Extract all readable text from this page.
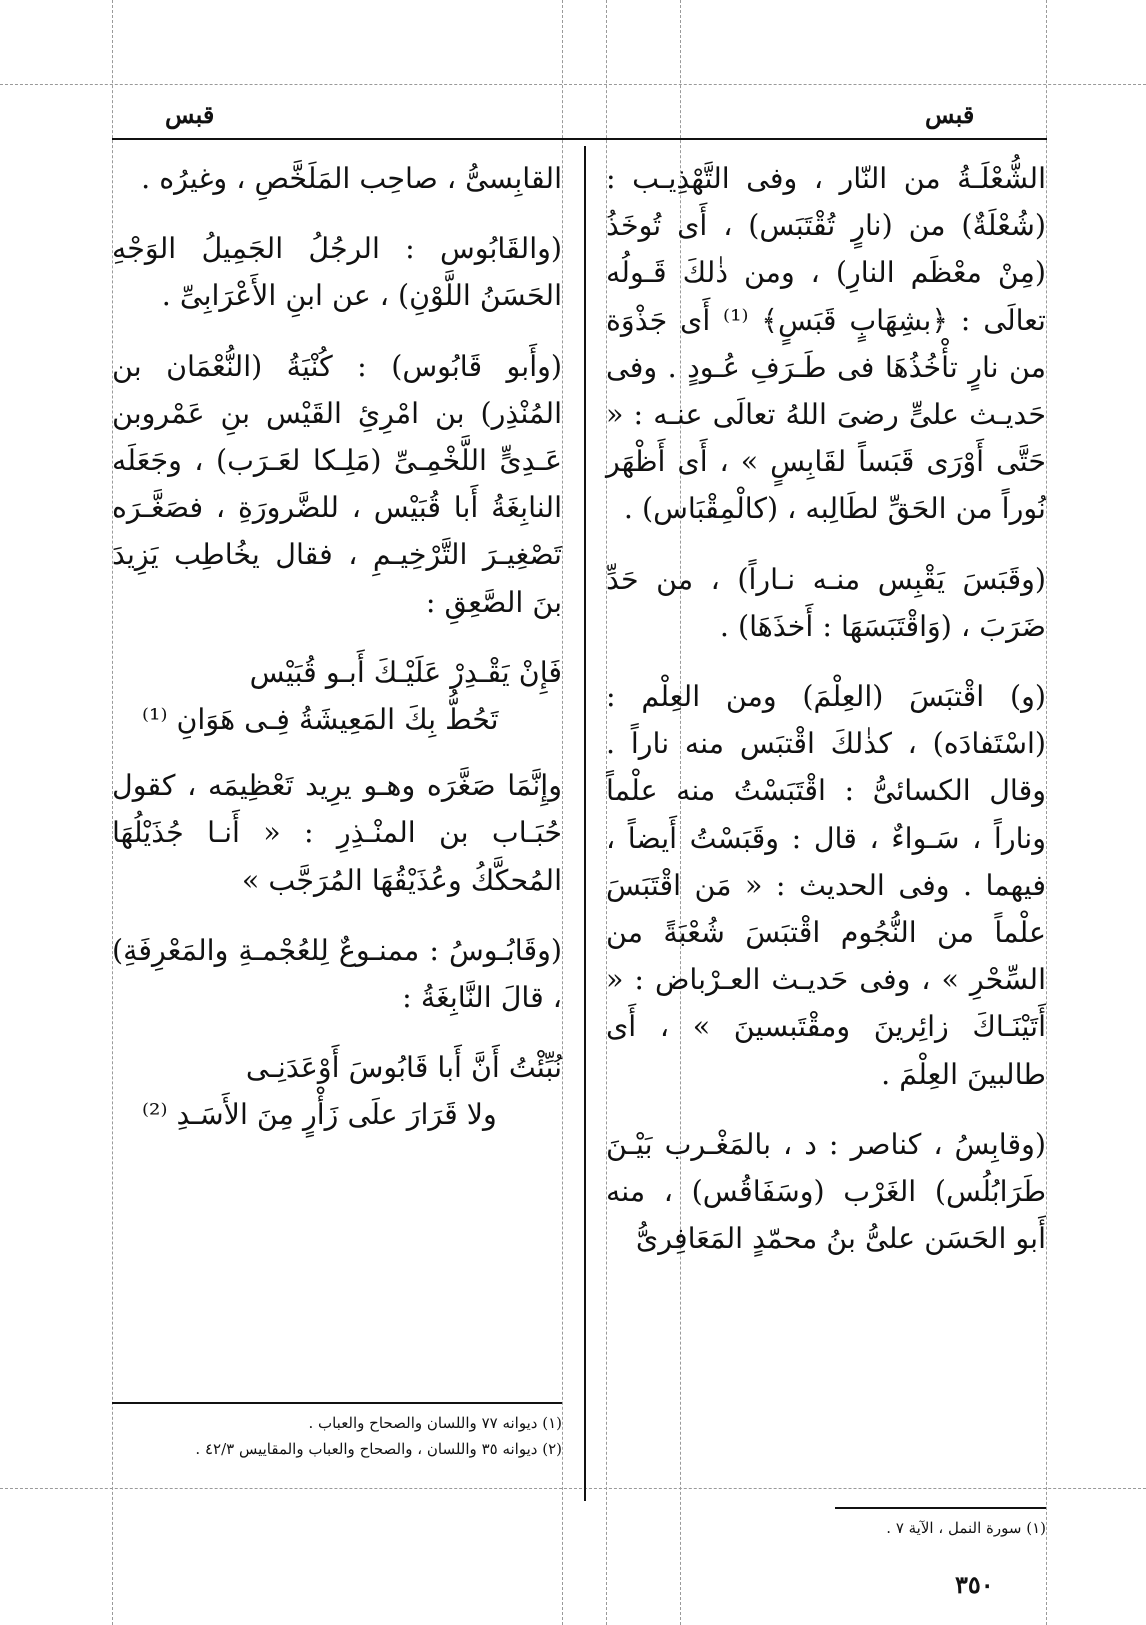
قبس
قبس

الشُّعْلَـةُ من النّار ، وفى التَّهْذِيـب : (شُعْلَةٌ) من (نارٍ تُقْتَبَس) ، أَى تُوخَذُ (مِنْ معْظَم النارِ) ، ومن ذٰلكَ قَـولُه تعالَى : ﴿بشِهَابٍ قَبَسٍ﴾ ⁽¹⁾ أَى جَذْوَة من نارٍ تأْخُذُهَا فى طَـرَفِ عُـودٍ . وفى حَديـث علىٍّ رضىَ اللهُ تعالَى عنـه : « حَتَّى أَوْرَى قَبَساً لقَابِسٍ » ، أَى أَظْهَر نُوراً من الحَقِّ لطَالِبه ، (كالْمِقْبَاس) .

(وقَبَسَ يَقْبِس منـه نـاراً) ، من حَدِّ ضَرَبَ ، (وَاقْتَبَسَهَا : أَخذَهَا) .

(و) اقْتبَسَ (العِلْمَ) ومن العِلْم : (اسْتَفادَه) ، كذٰلكَ اقْتبَس منه ناراً . وقال الكسائىُّ : اقْتَبَسْتُ منه علْماً وناراً ، سَـواءٌ ، قال : وقَبَسْتُ أَيضاً ، فيهما . وفى الحديث : « مَن اقْتَبَسَ علْماً من النُّجُوم اقْتبَسَ شُعْبَةً من السِّحْرِ » ، وفى حَديـث العـرْباض : « أَتَيْنَـاكَ زائِرينَ ومقْتَبسينَ » ، أَى طالبينَ العِلْمَ .

(وقابِسُ ، كناصر : د ، بالمَغْـرب بَيْـنَ طَرَابُلُس) الغَرْب (وسَفَاقُس) ، منه أَبو الحَسَن علىُّ بنُ محمّدٍ المَعَافِرىُّ

القابِسىُّ ، صاحِب المَلَخَّصِ ، وغيرُه .

(والقَابُوس : الرجُلُ الجَمِيلُ الوَجْهِ الحَسَنُ اللَّوْنِ) ، عن ابنِ الأَعْرَابِىِّ .

(وأَبو قَابُوس) : كُنْيَةُ (النُّعْمَان بن المُنْذِر) بن امْرِئِ القَيْس بنِ عَمْروبن عَـدِىٍّ اللَّخْمِـىِّ (مَلِـكا لعَـرَب) ، وجَعَلَه النابِغَةُ أَبا قُبَيْس ، للضَّرورَةِ ، فصَغَّـرَه تَصْغِيـرَ التَّرْخِيـمِ ، فقال يخُاطِب يَزِيدَ بنَ الصَّعِقِ :

فَإِنْ يَقْـدِرْ عَلَيْـكَ أَبـو قُبَيْس
تَحُطُّ بِكَ المَعِيشَةُ فِـى هَوَانِ ⁽¹⁾

وإِنَّمَا صَغَّرَه وهـو يرِيد تَعْظِيمَه ، كقول حُبَـاب بن المنْـذِرِ : « أَنـا جُذَيْلُهَا المُحكَّكُ وعُذَيْقُهَا المُرَجَّب »

(وقَابُـوسُ : ممنـوعٌ لِلعُجْمـةِ والمَعْرِفَةِ) ، قالَ النَّابِغَةُ :

نُبِّئْتُ أَنَّ أَبا قَابُوسَ أَوْعَدَنِـى
ولا قَرَارَ علَى زَأْرٍ مِنَ الأَسَـدِ ⁽²⁾
(١) سورة النمل ، الآية ٧ .
(١) ديوانه ٧٧ واللسان والصحاح والعباب .
(٢) ديوانه ٣٥ واللسان ، والصحاح والعباب والمقاييس ٤٢/٣ .
٣٥٠
